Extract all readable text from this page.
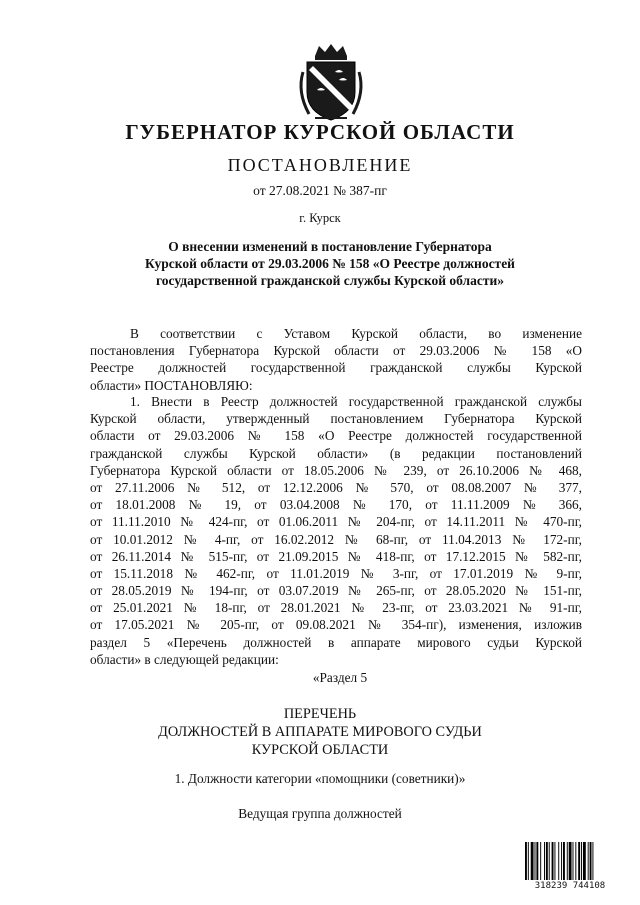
ГУБЕРНАТОР КУРСКОЙ ОБЛАСТИ
ПОСТАНОВЛЕНИЕ
от 27.08.2021 № 387-пг
г. Курск
О внесении изменений в постановление Губернатора
Курской области от 29.03.2006 № 158 «О Реестре должностей
государственной гражданской службы Курской области»
В соответствии с Уставом Курской области, во изменение
постановления Губернатора Курской области от 29.03.2006 № 158 «О
Реестре должностей государственной гражданской службы Курской
области» ПОСТАНОВЛЯЮ:
1. Внести в Реестр должностей государственной гражданской службы
Курской области, утвержденный постановлением Губернатора Курской
области от 29.03.2006 № 158 «О Реестре должностей государственной
гражданской службы Курской области» (в редакции постановлений
Губернатора Курской области от 18.05.2006 № 239, от 26.10.2006 № 468,
от 27.11.2006 № 512, от 12.12.2006 № 570, от 08.08.2007 № 377,
от 18.01.2008 № 19, от 03.04.2008 № 170, от 11.11.2009 № 366,
от 11.11.2010 № 424-пг, от 01.06.2011 № 204-пг, от 14.11.2011 № 470-пг,
от 10.01.2012 № 4-пг, от 16.02.2012 № 68-пг, от 11.04.2013 № 172-пг,
от 26.11.2014 № 515-пг, от 21.09.2015 № 418-пг, от 17.12.2015 № 582-пг,
от 15.11.2018 № 462-пг, от 11.01.2019 № 3-пг, от 17.01.2019 № 9-пг,
от 28.05.2019 № 194-пг, от 03.07.2019 № 265-пг, от 28.05.2020 № 151-пг,
от 25.01.2021 № 18-пг, от 28.01.2021 № 23-пг, от 23.03.2021 № 91-пг,
от 17.05.2021 № 205-пг, от 09.08.2021 № 354-пг), изменения, изложив
раздел 5 «Перечень должностей в аппарате мирового судьи Курской
области» в следующей редакции:
«Раздел 5
ПЕРЕЧЕНЬ
ДОЛЖНОСТЕЙ В АППАРАТЕ МИРОВОГО СУДЬИ
КУРСКОЙ ОБЛАСТИ
1. Должности категории «помощники (советники)»
Ведущая группа должностей
318239 744108
